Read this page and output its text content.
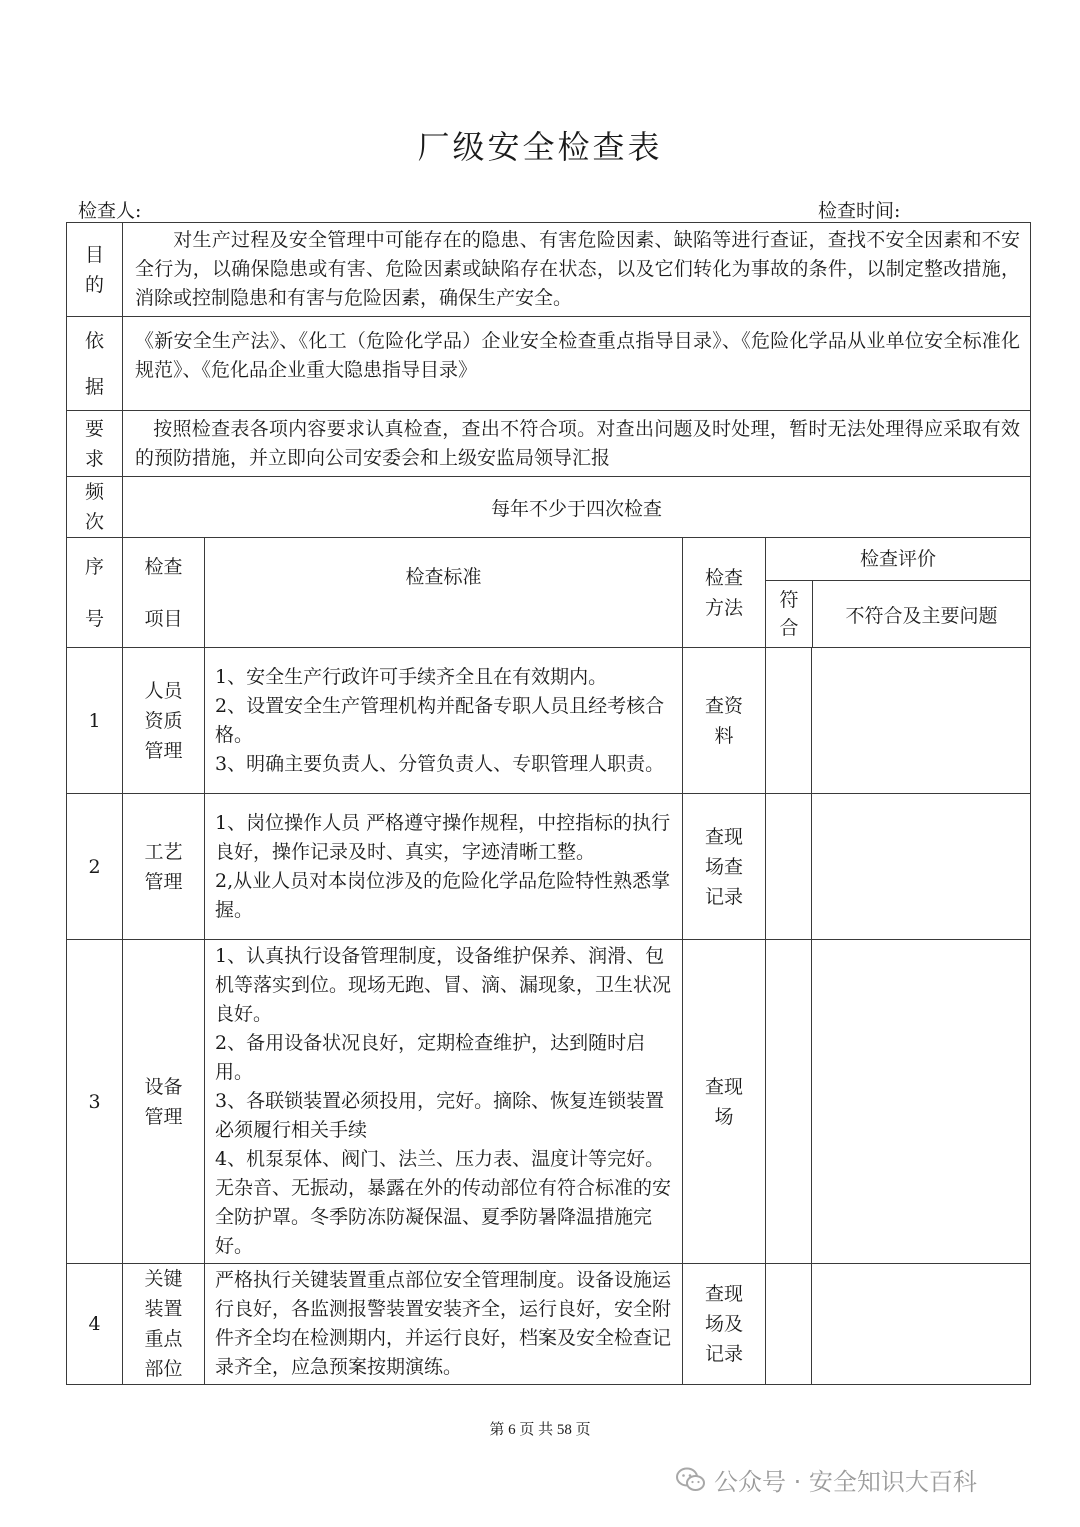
厂级安全检查表
检查人:	检查时间:
目的	对生产过程及安全管理中可能存在的隐患、有害危险因素、缺陷等进行查证，查找不安全因素和不安全行为，以确保隐患或有害、危险因素或缺陷存在状态，以及它们转化为事故的条件，以制定整改措施，消除或控制隐患和有害与危险因素，确保生产安全。				

依据	《新安全生产法》、《化工（危险化学品）企业安全检查重点指导目录》、《危险化学品从业单位安全标准化规范》、《危化品企业重大隐患指导目录》				

要求	按照检查表各项内容要求认真检查，查出不符合项。对查出问题及时处理，暂时无法处理得应采取有效的预防措施，并立即向公司安委会和上级安监局领导汇报				

频次	每年不少于四次检查				

序号	检查项目	检查标准	检查方法	检查评价
符合
不符合及主要问题	

1	人员资质管理	1、安全生产行政许可手续齐全且在有效期内。
2、设置安全生产管理机构并配备专职人员且经考核合格。
3、明确主要负责人、分管负责人、专职管理人职责。	查资料		

2	工艺管理	1、岗位操作人员 严格遵守操作规程，中控指标的执行良好，操作记录及时、真实，字迹清晰工整。
2,从业人员对本岗位涉及的危险化学品危险特性熟悉掌握。	查现场查记录		

3	设备管理	1、认真执行设备管理制度，设备维护保养、润滑、包机等落实到位。现场无跑、冒、滴、漏现象，卫生状况良好。
2、备用设备状况良好，定期检查维护，达到随时启用。
3、各联锁装置必须投用，完好。摘除、恢复连锁装置必须履行相关手续
4、机泵泵体、阀门、法兰、压力表、温度计等完好。无杂音、无振动，暴露在外的传动部位有符合标准的安全防护罩。冬季防冻防凝保温、夏季防暑降温措施完好。	查现场		

4	关键装置重点部位	严格执行关键装置重点部位安全管理制度。设备设施运行良好，各监测报警装置安装齐全，运行良好，安全附件齐全均在检测期内，并运行良好，档案及安全检查记录齐全，应急预案按期演练。	查现场及记录		

第 6 页 共 58 页
公众号 · 安全知识大百科
